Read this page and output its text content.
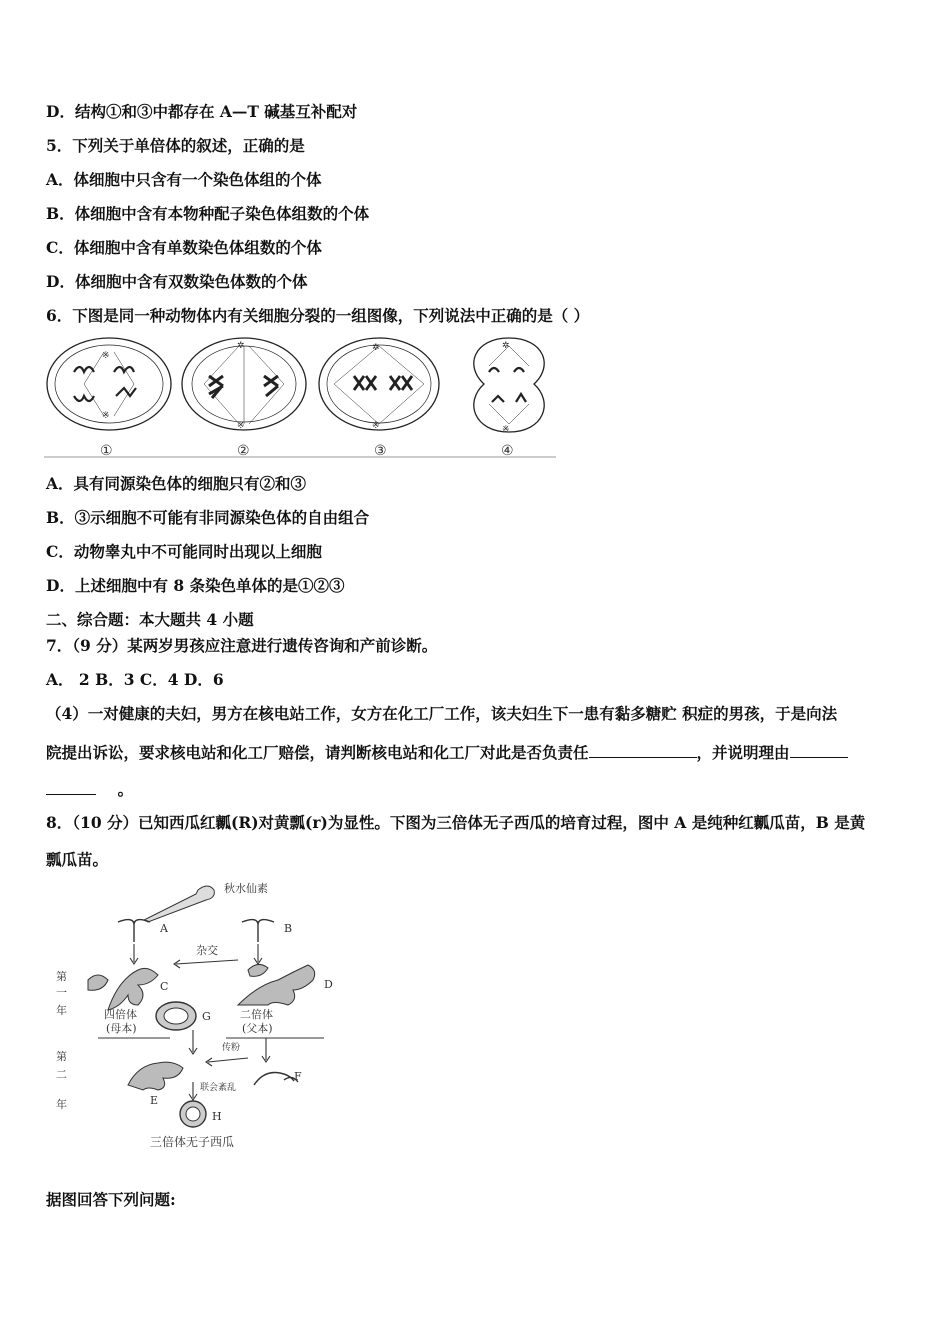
D．结构①和③中都存在 A—T 碱基互补配对
5．下列关于单倍体的叙述，正确的是
A．体细胞中只含有一个染色体组的个体
B．体细胞中含有本物种配子染色体组数的个体
C．体细胞中含有单数染色体组数的个体
D．体细胞中含有双数染色体数的个体
6．下图是同一种动物体内有关细胞分裂的一组图像，下列说法中正确的是（ ）
※
※
✲
※
✲
※
✲
※
①	②	③	④
A．具有同源染色体的细胞只有②和③
B．③示细胞不可能有非同源染色体的自由组合
C．动物睾丸中不可能同时出现以上细胞
D．上述细胞中有 8 条染色单体的是①②③
二、综合题：本大题共 4 小题
7．（9 分）某两岁男孩应注意进行遗传咨询和产前诊断。
A． 2 B．3 C．4 D．6
（4）一对健康的夫妇，男方在核电站工作，女方在化工厂工作，该夫妇生下一患有黏多糖贮 积症的男孩，于是向法
院提出诉讼，要求核电站和化工厂赔偿，请判断核电站和化工厂对此是否负责任	，并说明理由
。
8．（10 分）已知西瓜红瓤(R)对黄瓢(r)为显性。下图为三倍体无子西瓜的培育过程，图中 A 是纯种红瓤瓜苗，B 是黄
瓢瓜苗。
秋水仙素
A	B
杂交
C	D
G
第
一
年	四倍体
(母本)
二倍体
(父本)
第
二
年
传粉
E
F
联会紊乱
H
三倍体无子西瓜
据图回答下列问题:
